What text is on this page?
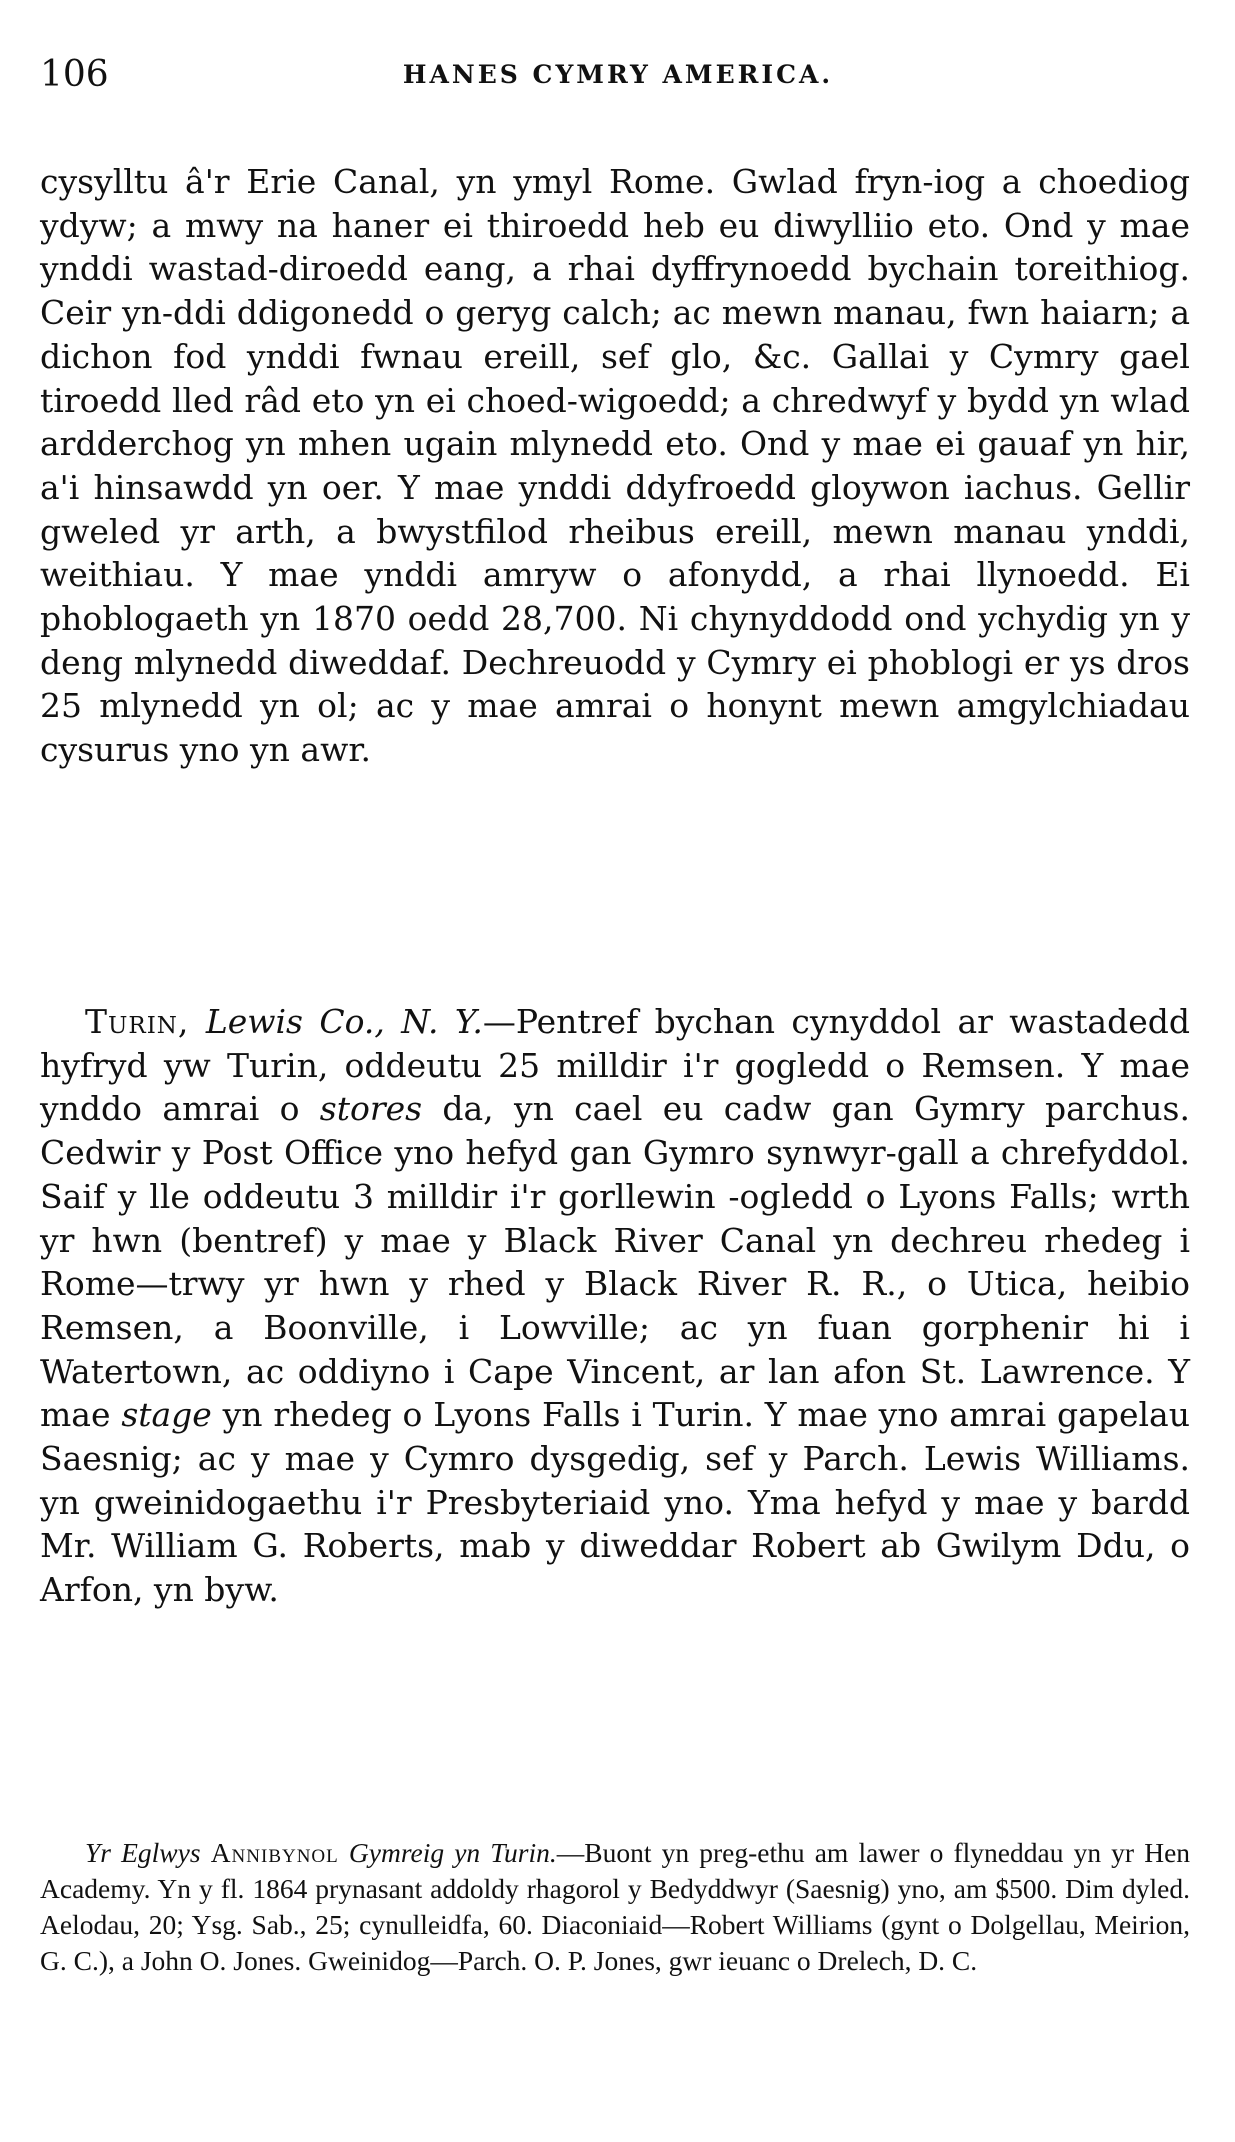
106	HANES CYMRY AMERICA.

cysylltu â'r Erie Canal, yn ymyl Rome. Gwlad fryn-iog a choediog ydyw; a mwy na haner ei thiroedd heb eu diwylliio eto. Ond y mae ynddi wastad-diroedd eang, a rhai dyffrynoedd bychain toreithiog. Ceir yn-ddi ddigonedd o geryg calch; ac mewn manau, fwn haiarn; a dichon fod ynddi fwnau ereill, sef glo, &c. Gallai y Cymry gael tiroedd lled râd eto yn ei choed-wigoedd; a chredwyf y bydd yn wlad ardderchog yn mhen ugain mlynedd eto. Ond y mae ei gauaf yn hir, a'i hinsawdd yn oer. Y mae ynddi ddyfroedd gloywon iachus. Gellir gweled yr arth, a bwystfilod rheibus ereill, mewn manau ynddi, weithiau. Y mae ynddi amryw o afonydd, a rhai llynoedd. Ei phoblogaeth yn 1870 oedd 28,700. Ni chynyddodd ond ychydig yn y deng mlynedd diweddaf. Dechreuodd y Cymry ei phoblogi er ys dros 25 mlynedd yn ol; ac y mae amrai o honynt mewn amgylchiadau cysurus yno yn awr.

Turin, Lewis Co., N. Y.—Pentref bychan cynyddol ar wastadedd hyfryd yw Turin, oddeutu 25 milldir i'r gogledd o Remsen. Y mae ynddo amrai o stores da, yn cael eu cadw gan Gymry parchus. Cedwir y Post Office yno hefyd gan Gymro synwyr-gall a chrefyddol. Saif y lle oddeutu 3 milldir i'r gorllewin -ogledd o Lyons Falls; wrth yr hwn (bentref) y mae y Black River Canal yn dechreu rhedeg i Rome—trwy yr hwn y rhed y Black River R. R., o Utica, heibio Remsen, a Boonville, i Lowville; ac yn fuan gorphenir hi i Watertown, ac oddiyno i Cape Vincent, ar lan afon St. Lawrence. Y mae stage yn rhedeg o Lyons Falls i Turin. Y mae yno amrai gapelau Saesnig; ac y mae y Cymro dysgedig, sef y Parch. Lewis Williams. yn gweinidogaethu i'r Presbyteriaid yno. Yma hefyd y mae y bardd Mr. William G. Roberts, mab y diweddar Robert ab Gwilym Ddu, o Arfon, yn byw.

Yr Eglwys Annibynol Gymreig yn Turin.—Buont yn preg-ethu am lawer o flyneddau yn yr Hen Academy. Yn y fl. 1864 prynasant addoldy rhagorol y Bedyddwyr (Saesnig) yno, am $500. Dim dyled. Aelodau, 20; Ysg. Sab., 25; cynulleidfa, 60. Diaconiaid—Robert Williams (gynt o Dolgellau, Meirion, G. C.), a John O. Jones. Gweinidog—Parch. O. P. Jones, gwr ieuanc o Drelech, D. C.
